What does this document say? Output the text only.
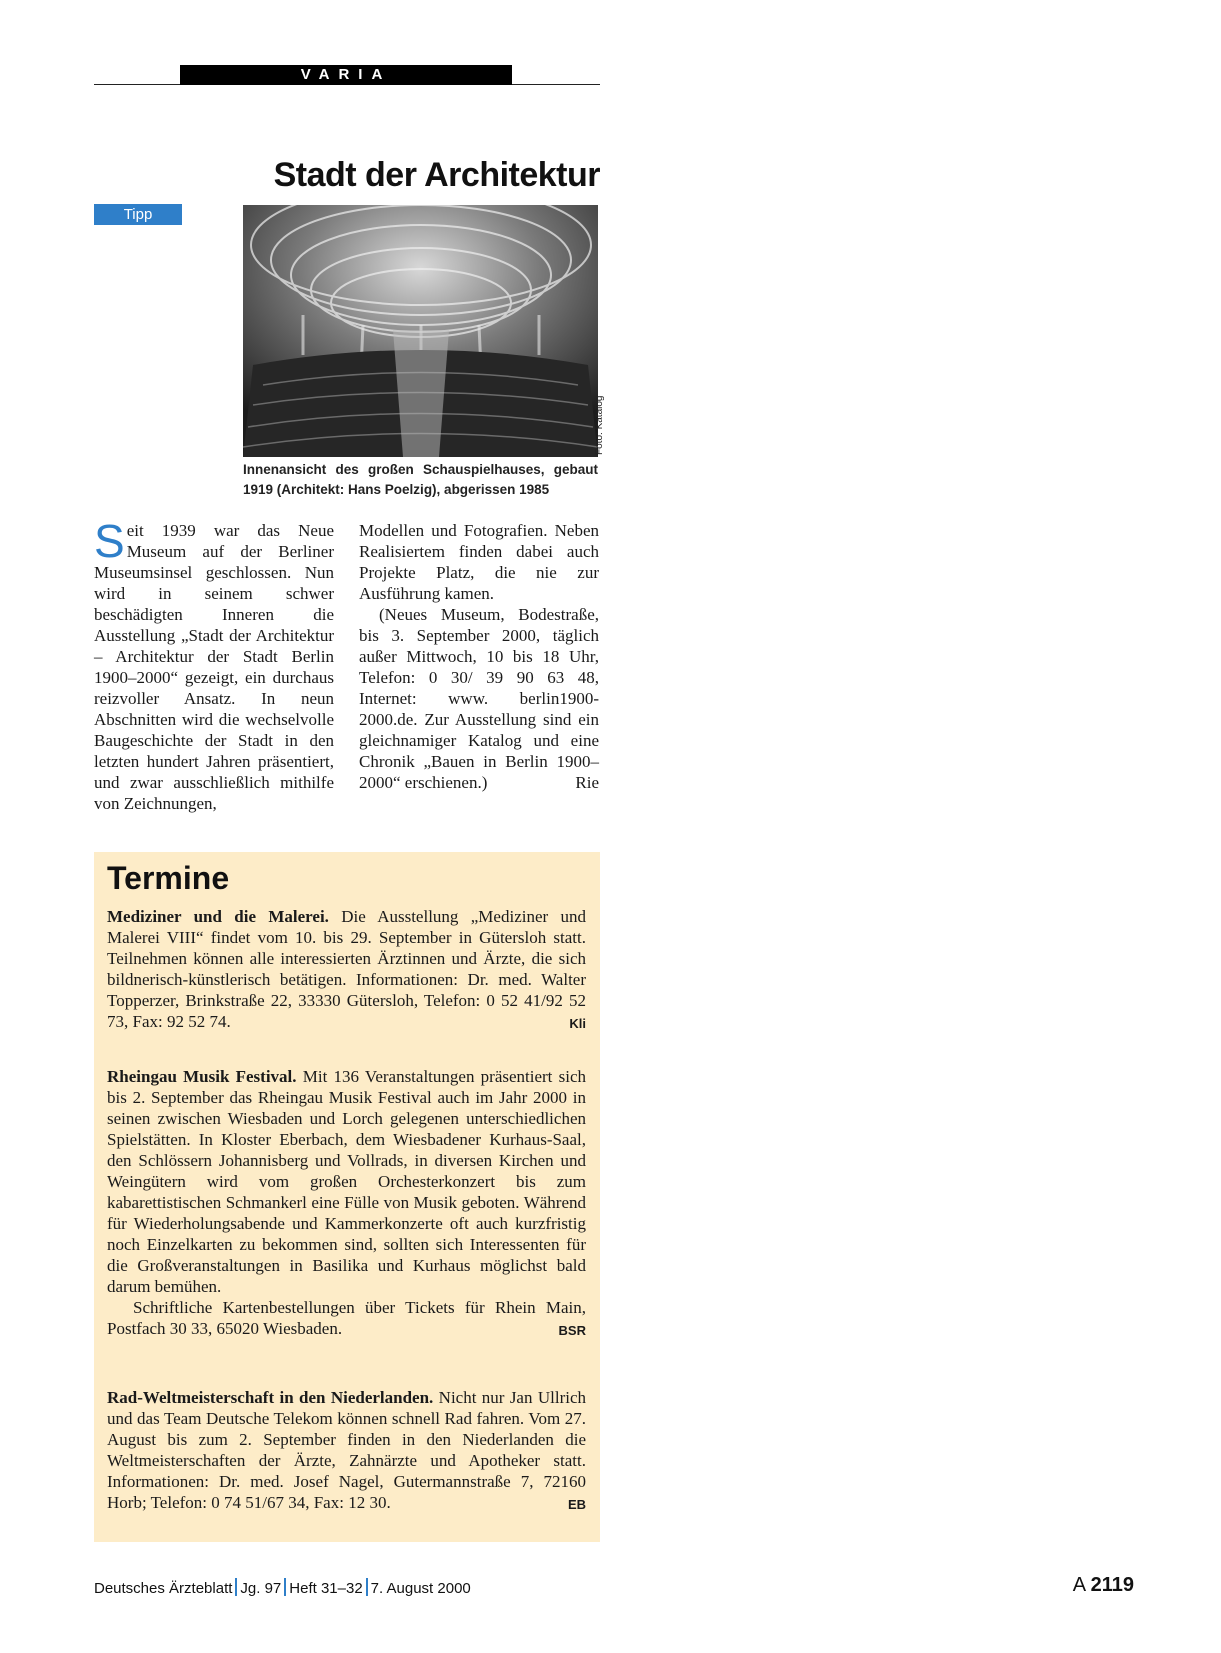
VARIA
Tipp
Stadt der Architektur
Foto: Katalog
Innenansicht des großen Schauspielhauses, gebaut 1919 (Architekt: Hans Poelzig), abgerissen 1985

Seit 1939 war das Neue Museum auf der Berliner Museumsinsel geschlossen. Nun wird in seinem schwer beschädigten Inneren die Ausstellung „Stadt der Architektur – Architektur der Stadt Berlin 1900–2000“ gezeigt, ein durchaus reizvoller Ansatz. In neun Abschnitten wird die wechselvolle Baugeschichte der Stadt in den letzten hundert Jahren präsentiert, und zwar ausschließlich mithilfe von Zeichnungen,

Modellen und Fotografien. Neben Realisiertem finden dabei auch Projekte Platz, die nie zur Ausführung kamen.

(Neues Museum, Bodestraße, bis 3. September 2000, täglich außer Mittwoch, 10 bis 18 Uhr, Telefon: 0 30/ 39 90 63 48, Internet: www. berlin1900-2000.de. Zur Ausstellung sind ein gleichnamiger Katalog und eine Chronik „Bauen in Berlin 1900–2000“ erschienen.)	Rie

Termine

Mediziner und die Malerei. Die Ausstellung „Mediziner und Malerei VIII“ findet vom 10. bis 29. September in Gütersloh statt. Teilnehmen können alle interessierten Ärztinnen und Ärzte, die sich bildnerisch-künstlerisch betätigen. Informationen: Dr. med. Walter Topperzer, Brinkstraße 22, 33330 Gütersloh, Telefon: 0 52 41/92 52 73, Fax: 92 52 74.	Kli

Rheingau Musik Festival. Mit 136 Veranstaltungen präsentiert sich bis 2. September das Rheingau Musik Festival auch im Jahr 2000 in seinen zwischen Wiesbaden und Lorch gelegenen unterschiedlichen Spielstätten. In Kloster Eberbach, dem Wiesbadener Kurhaus-Saal, den Schlössern Johannisberg und Vollrads, in diversen Kirchen und Weingütern wird vom großen Orchesterkonzert bis zum kabarettistischen Schmankerl eine Fülle von Musik geboten. Während für Wiederholungsabende und Kammerkonzerte oft auch kurzfristig noch Einzelkarten zu bekommen sind, sollten sich Interessenten für die Großveranstaltungen in Basilika und Kurhaus möglichst bald darum bemühen.

Schriftliche Kartenbestellungen über Tickets für Rhein Main, Postfach 30 33, 65020 Wiesbaden.	BSR

Rad-Weltmeisterschaft in den Niederlanden. Nicht nur Jan Ullrich und das Team Deutsche Telekom können schnell Rad fahren. Vom 27. August bis zum 2. September finden in den Niederlanden die Weltmeisterschaften der Ärzte, Zahnärzte und Apotheker statt. Informationen: Dr. med. Josef Nagel, Gutermannstraße 7, 72160 Horb; Telefon: 0 74 51/67 34, Fax: 12 30.	EB

Deutsches Ärzteblatt Jg. 97 Heft 31–32 7. August 2000	A 2119
